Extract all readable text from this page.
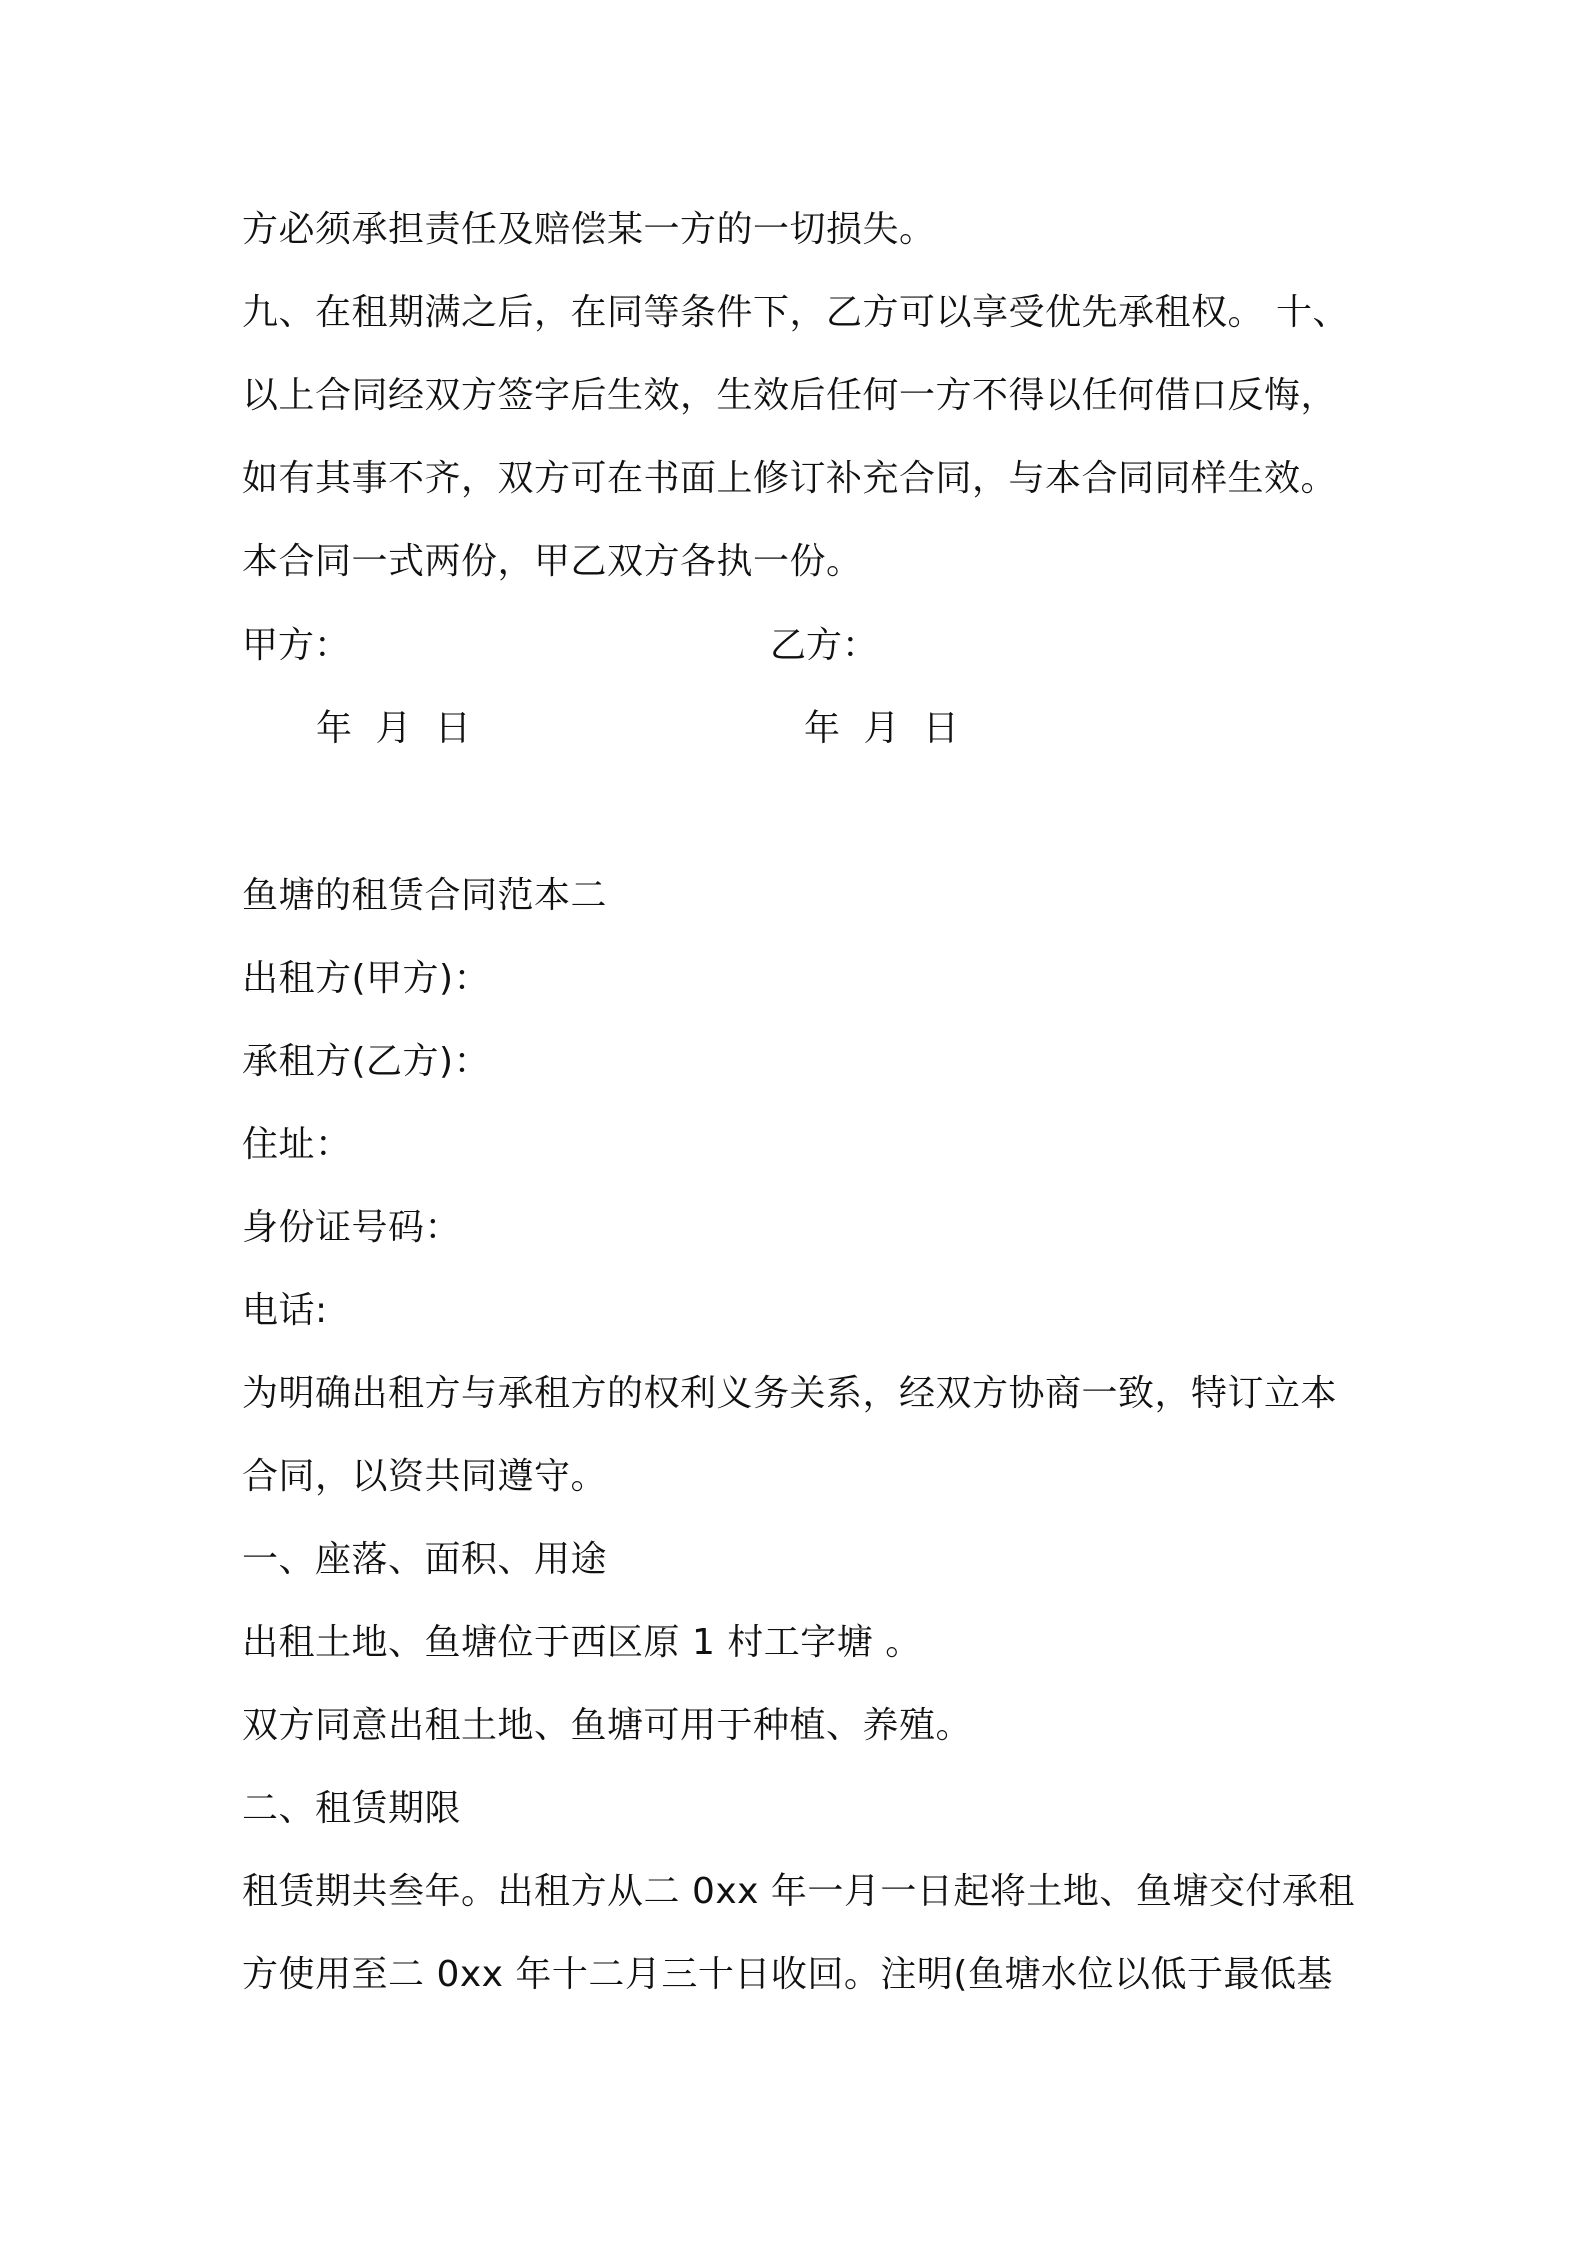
方必须承担责任及赔偿某一方的一切损失。
九、在租期满之后，在同等条件下，乙方可以享受优先承租权。 十、
以上合同经双方签字后生效，生效后任何一方不得以任何借口反悔，
如有其事不齐，双方可在书面上修订补充合同，与本合同同样生效。
本合同一式两份，甲乙双方各执一份。
甲方：	乙方：
年 月 日	年 月 日
鱼塘的租赁合同范本二
出租方(甲方)：
承租方(乙方)：
住址：
身份证号码：
电话:
为明确出租方与承租方的权利义务关系，经双方协商一致，特订立本
合同，以资共同遵守。
一、座落、面积、用途
出租土地、鱼塘位于西区原 1 村工字塘 。
双方同意出租土地、鱼塘可用于种植、养殖。
二、租赁期限
租赁期共叁年。出租方从二 0xx 年一月一日起将土地、鱼塘交付承租
方使用至二 0xx 年十二月三十日收回。注明(鱼塘水位以低于最低基
